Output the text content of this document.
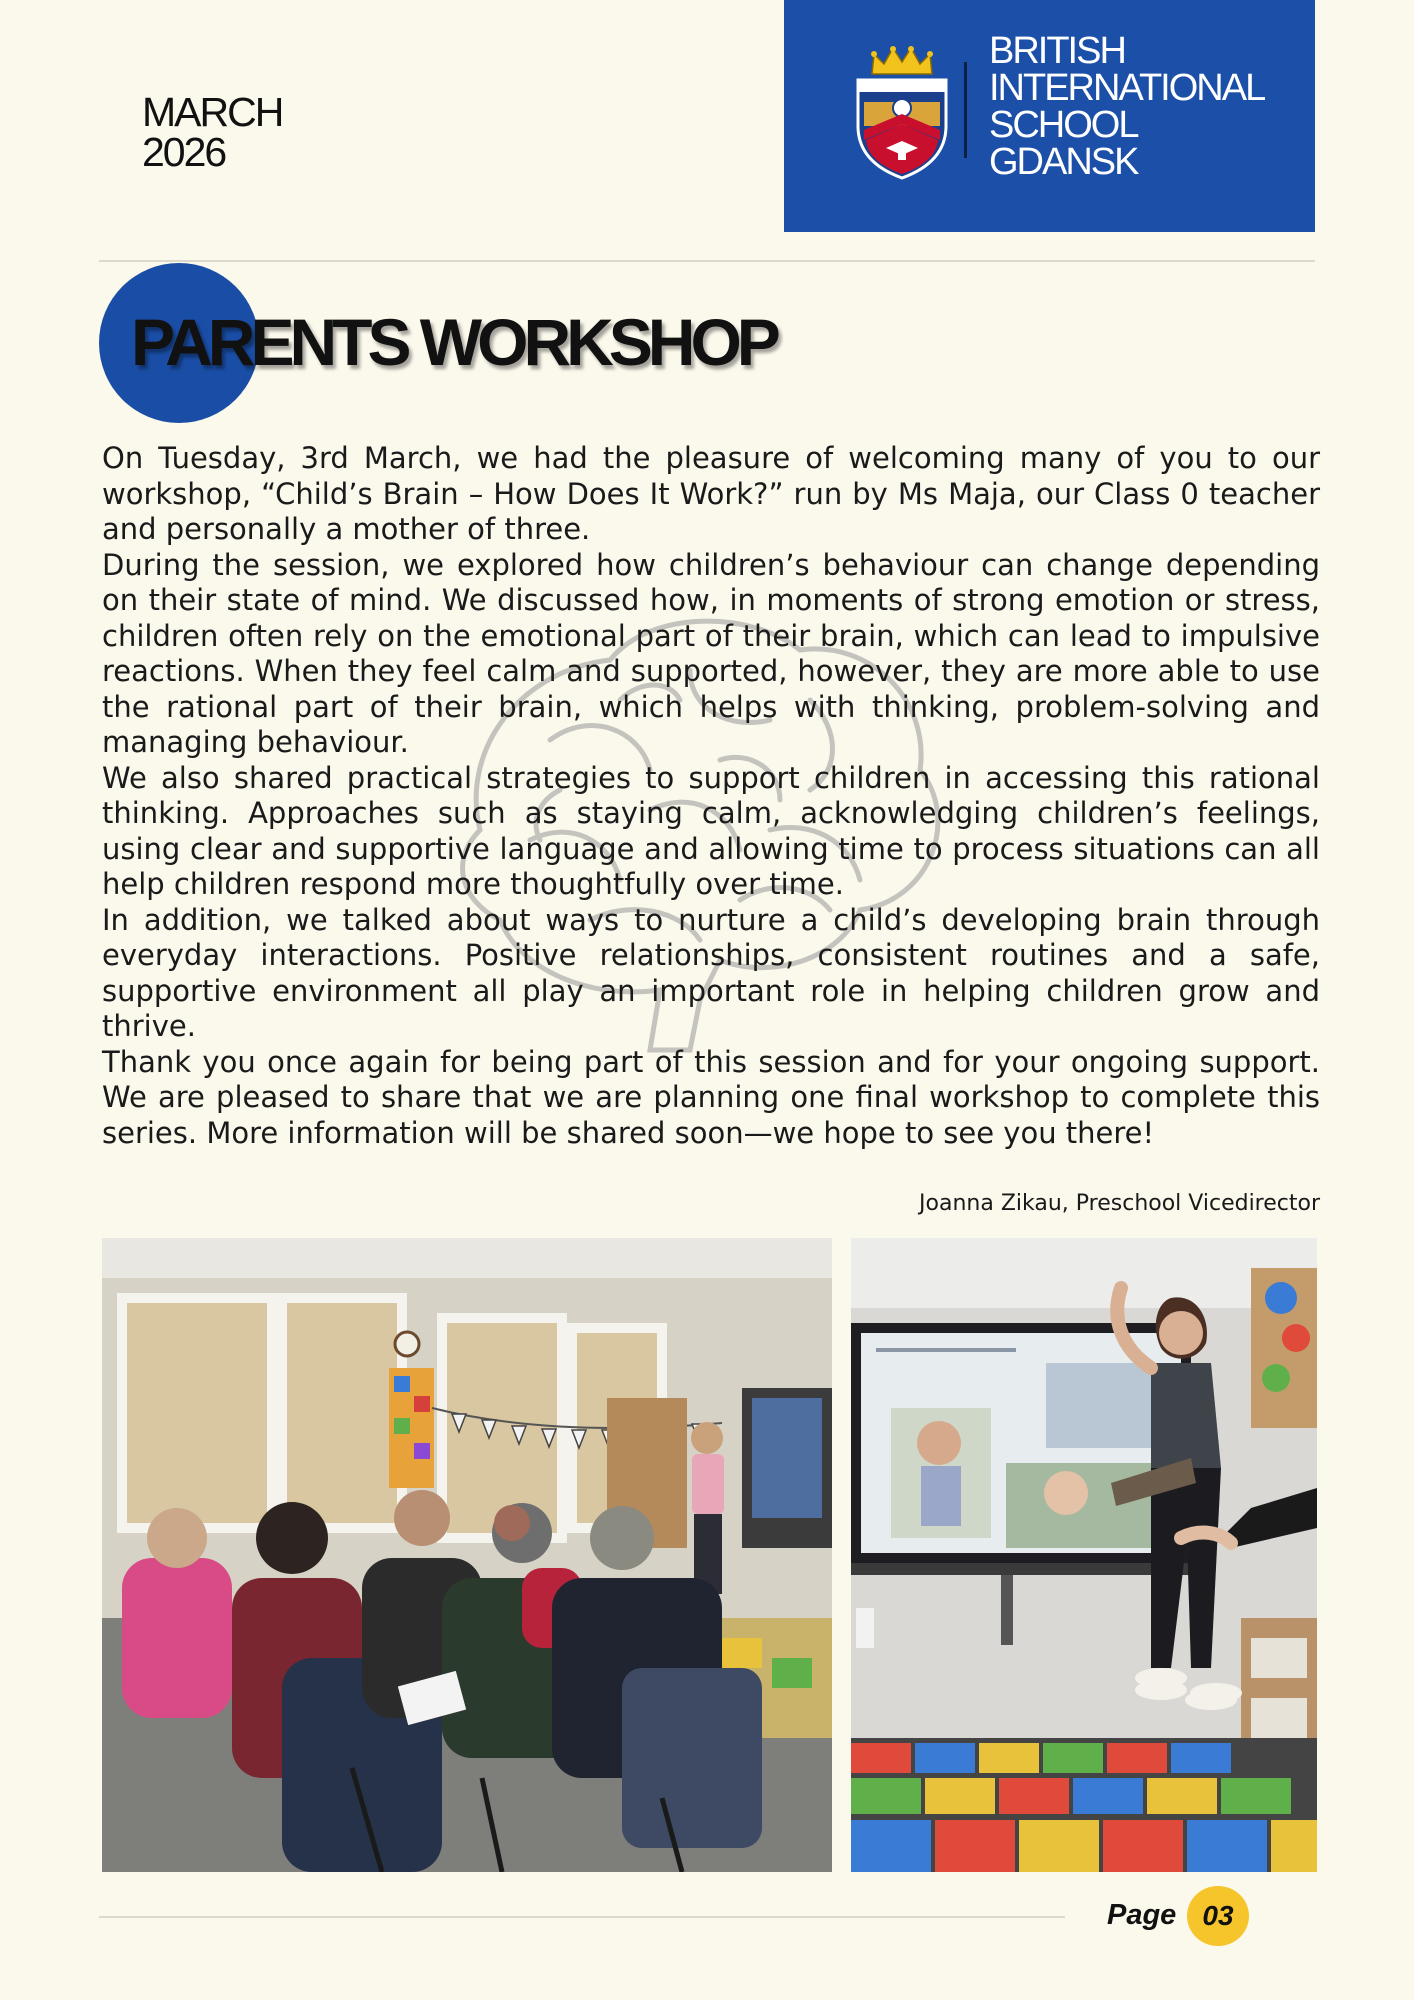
MARCH
2026
BRITISH
INTERNATIONAL
SCHOOL
GDANSK
PARENTS WORKSHOP

On Tuesday, 3rd March, we had the pleasure of welcoming many of you to our workshop, “Child’s Brain – How Does It Work?” run by Ms Maja, our Class 0 teacher and personally a mother of three.

During the session, we explored how children’s behaviour can change depending on their state of mind. We discussed how, in moments of strong emotion or stress, children often rely on the emotional part of their brain, which can lead to impulsive reactions. When they feel calm and supported, however, they are more able to use the rational part of their brain, which helps with thinking, problem-solving and managing behaviour.

We also shared practical strategies to support children in accessing this rational thinking. Approaches such as staying calm, acknowledging children’s feelings, using clear and supportive language and allowing time to process situations can all help children respond more thoughtfully over time.

In addition, we talked about ways to nurture a child’s developing brain through everyday interactions. Positive relationships, consistent routines and a safe, supportive environment all play an important role in helping children grow and thrive.

Thank you once again for being part of this session and for your ongoing support. We are pleased to share that we are planning one final workshop to complete this series. More information will be shared soon—we hope to see you there!

Joanna Zikau, Preschool Vicedirector
Page 03
